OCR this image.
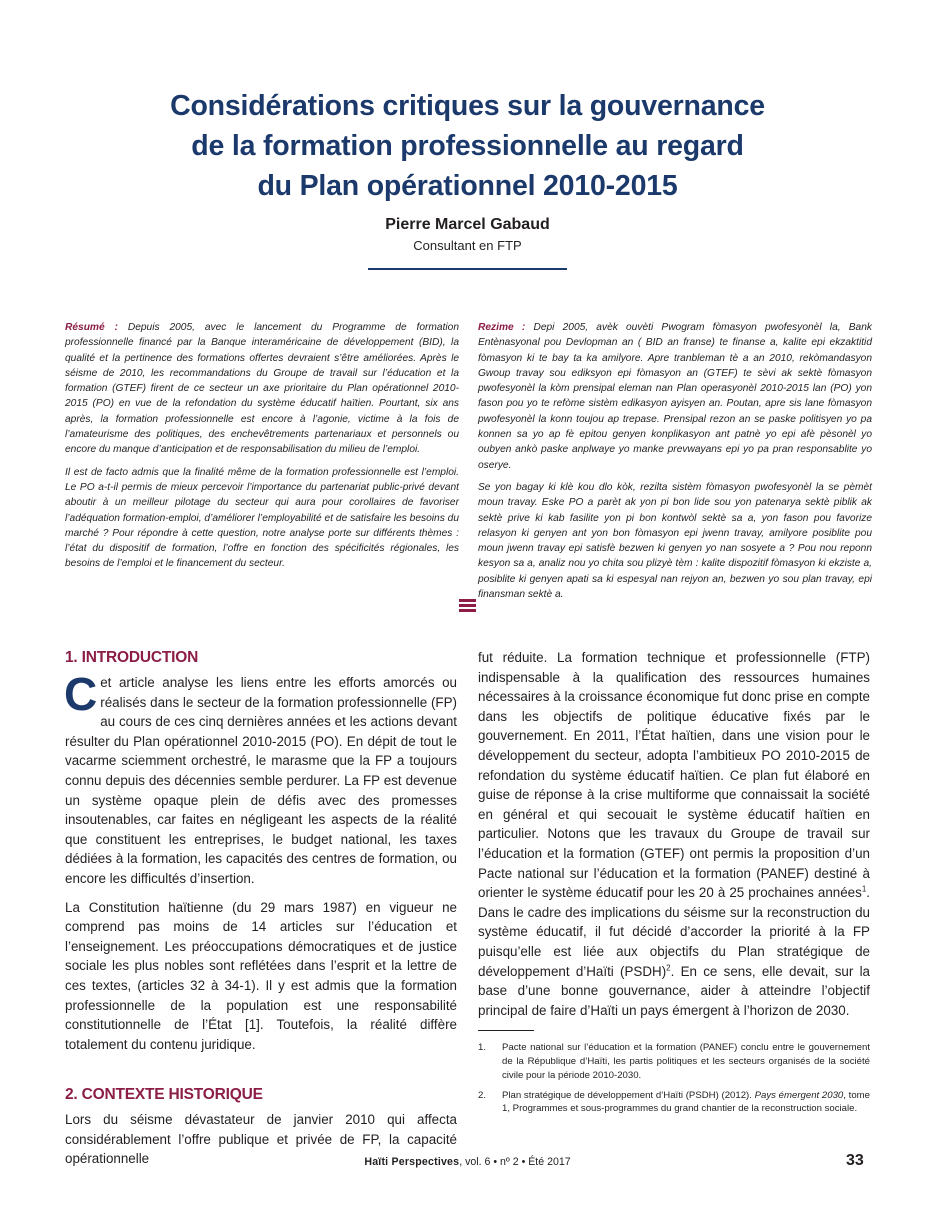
Considérations critiques sur la gouvernance
de la formation professionnelle au regard
du Plan opérationnel 2010-2015
Pierre Marcel Gabaud
Consultant en FTP

Résumé : Depuis 2005, avec le lancement du Programme de formation professionnelle financé par la Banque interaméricaine de développement (BID), la qualité et la pertinence des formations offertes devraient s’être améliorées. Après le séisme de 2010, les recommandations du Groupe de travail sur l’éducation et la formation (GTEF) firent de ce secteur un axe prioritaire du Plan opérationnel 2010-2015 (PO) en vue de la refondation du système éducatif haïtien. Pourtant, six ans après, la formation professionnelle est encore à l’agonie, victime à la fois de l’amateurisme des politiques, des enchevêtrements partenariaux et personnels ou encore du manque d’anticipation et de responsabilisation du milieu de l’emploi.

Il est de facto admis que la finalité même de la formation professionnelle est l’emploi. Le PO a-t-il permis de mieux percevoir l’importance du partenariat public-privé devant aboutir à un meilleur pilotage du secteur qui aura pour corollaires de favoriser l’adéquation formation-emploi, d’améliorer l’employabilité et de satisfaire les besoins du marché ? Pour répondre à cette question, notre analyse porte sur différents thèmes : l’état du dispositif de formation, l’offre en fonction des spécificités régionales, les besoins de l’emploi et le financement du secteur.

Rezime : Depi 2005, avèk ouvèti Pwogram fòmasyon pwofesyonèl la, Bank Entènasyonal pou Devlopman an ( BID an franse) te finanse a, kalite epi ekzaktitid fòmasyon ki te bay ta ka amilyore. Apre tranbleman tè a an 2010, rekòmandasyon Gwoup travay sou ediksyon epi fòmasyon an (GTEF) te sèvi ak sektè fòmasyon pwofesyonèl la kòm prensipal eleman nan Plan operasyonèl 2010-2015 lan (PO) yon fason pou yo te refòme sistèm edikasyon ayisyen an. Poutan, apre sis lane fòmasyon pwofesyonèl la konn toujou ap trepase. Prensipal rezon an se paske politisyen yo pa konnen sa yo ap fè epitou genyen konplikasyon ant patnè yo epi afè pèsonèl yo oubyen ankò paske anplwaye yo manke prevwayans epi yo pa pran responsablite yo oserye.

Se yon bagay ki klè kou dlo kòk, rezilta sistèm fòmasyon pwofesyonèl la se pèmèt moun travay. Eske PO a parèt ak yon pi bon lide sou yon patenarya sektè piblik ak sektè prive ki kab fasilite yon pi bon kontwòl sektè sa a, yon fason pou favorize relasyon ki genyen ant yon bon fòmasyon epi jwenn travay, amilyore posiblite pou moun jwenn travay epi satisfè bezwen ki genyen yo nan sosyete a ? Pou nou reponn kesyon sa a, analiz nou yo chita sou plizyè tèm : kalite dispozitif fòmasyon ki ekziste a, posiblite ki genyen apati sa ki espesyal nan rejyon an, bezwen yo sou plan travay, epi finansman sektè a.

1. INTRODUCTION

Cet article analyse les liens entre les efforts amorcés ou réalisés dans le secteur de la formation professionnelle (FP) au cours de ces cinq dernières années et les actions devant résulter du Plan opérationnel 2010-2015 (PO). En dépit de tout le vacarme sciemment orchestré, le marasme que la FP a toujours connu depuis des décennies semble perdurer. La FP est devenue un système opaque plein de défis avec des promesses insoutenables, car faites en négligeant les aspects de la réalité que constituent les entreprises, le budget national, les taxes dédiées à la formation, les capacités des centres de formation, ou encore les difficultés d’insertion.

La Constitution haïtienne (du 29 mars 1987) en vigueur ne comprend pas moins de 14 articles sur l’éducation et l’enseignement. Les préoccupations démocratiques et de justice sociale les plus nobles sont reflétées dans l’esprit et la lettre de ces textes, (articles 32 à 34-1). Il y est admis que la formation professionnelle de la population est une responsabilité constitutionnelle de l’État [1]. Toutefois, la réalité diffère totalement du contenu juridique.

2. CONTEXTE HISTORIQUE

Lors du séisme dévastateur de janvier 2010 qui affecta considérablement l’offre publique et privée de FP, la capacité opérationnelle

fut réduite. La formation technique et professionnelle (FTP) indispensable à la qualification des ressources humaines nécessaires à la croissance économique fut donc prise en compte dans les objectifs de politique éducative fixés par le gouvernement. En 2011, l’État haïtien, dans une vision pour le développement du secteur, adopta l’ambitieux PO 2010-2015 de refondation du système éducatif haïtien. Ce plan fut élaboré en guise de réponse à la crise multiforme que connaissait la société en général et qui secouait le système éducatif haïtien en particulier. Notons que les travaux du Groupe de travail sur l’éducation et la formation (GTEF) ont permis la proposition d’un Pacte national sur l’éducation et la formation (PANEF) destiné à orienter le système éducatif pour les 20 à 25 prochaines années$^1$. Dans le cadre des implications du séisme sur la reconstruction du système éducatif, il fut décidé d’accorder la priorité à la FP puisqu’elle est liée aux objectifs du Plan stratégique de développement d’Haïti (PSDH)$^2$. En ce sens, elle devait, sur la base d’une bonne gouvernance, aider à atteindre l’objectif principal de faire d’Haïti un pays émergent à l’horizon de 2030.

1.	Pacte national sur l’éducation et la formation (PANEF) conclu entre le gouvernement de la République d’Haïti, les partis politiques et les secteurs organisés de la société civile pour la période 2010-2030.
2.	Plan stratégique de développement d’Haïti (PSDH) (2012). Pays émergent 2030, tome 1, Programmes et sous-programmes du grand chantier de la reconstruction sociale.
Haïti Perspectives, vol. 6 • nº 2 • Été 2017	33
